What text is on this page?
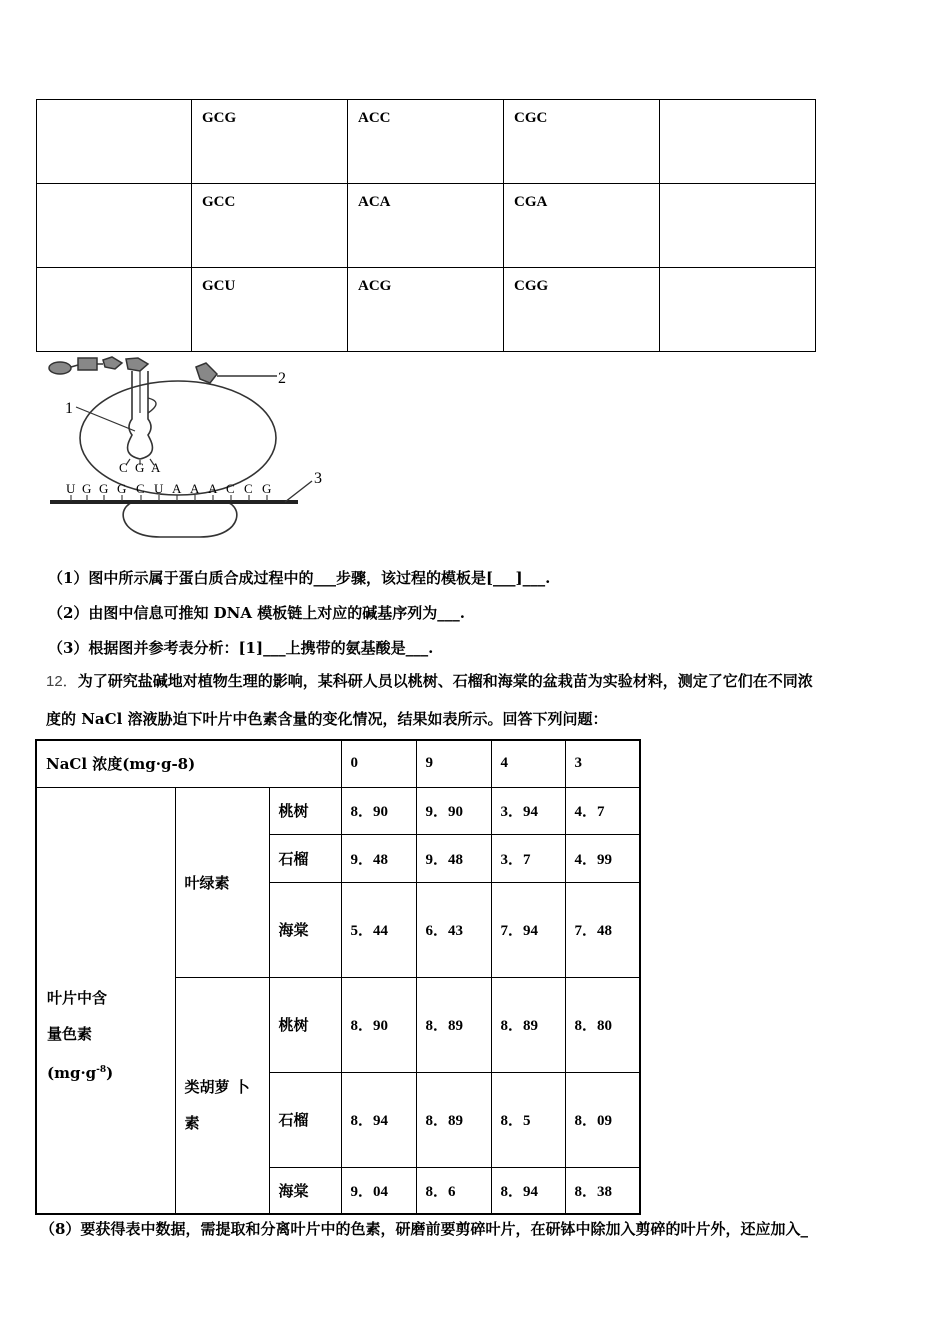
	GCG	ACC	CGC	
	GCC	ACA	CGA	
	GCU	ACG	CGG	
2
C G A
1
3
U G G G C U A A A C C G
（1）图中所示属于蛋白质合成过程中的___步骤，该过程的模板是[___]___.
（2）由图中信息可推知 DNA 模板链上对应的碱基序列为___.
（3）根据图并参考表分析：[1]___上携带的氨基酸是___.
12．为了研究盐碱地对植物生理的影响，某科研人员以桃树、石榴和海棠的盆栽苗为实验材料，测定了它们在不同浓
度的 NaCl 溶液胁迫下叶片中色素含量的变化情况，结果如表所示。回答下列问题：
NaCl 浓度(mg·g-8)			0	9	4	3

叶片中含
量色素
$(mg\cdot g^{-8})$	叶绿素	桃树	8．90	9．90	3．94	4．7
		石榴	9．48	9．48	3．7	4．99
		海棠	5．44	6．43	7．94	7．48

	类胡萝 卜
素	桃树	8．90	8．89	8．89	8．80
		石榴	8．94	8．89	8．5	8．09
		海棠	9．04	8．6	8．94	8．38
（8）要获得表中数据，需提取和分离叶片中的色素，研磨前要剪碎叶片，在研钵中除加入剪碎的叶片外，还应加入_
